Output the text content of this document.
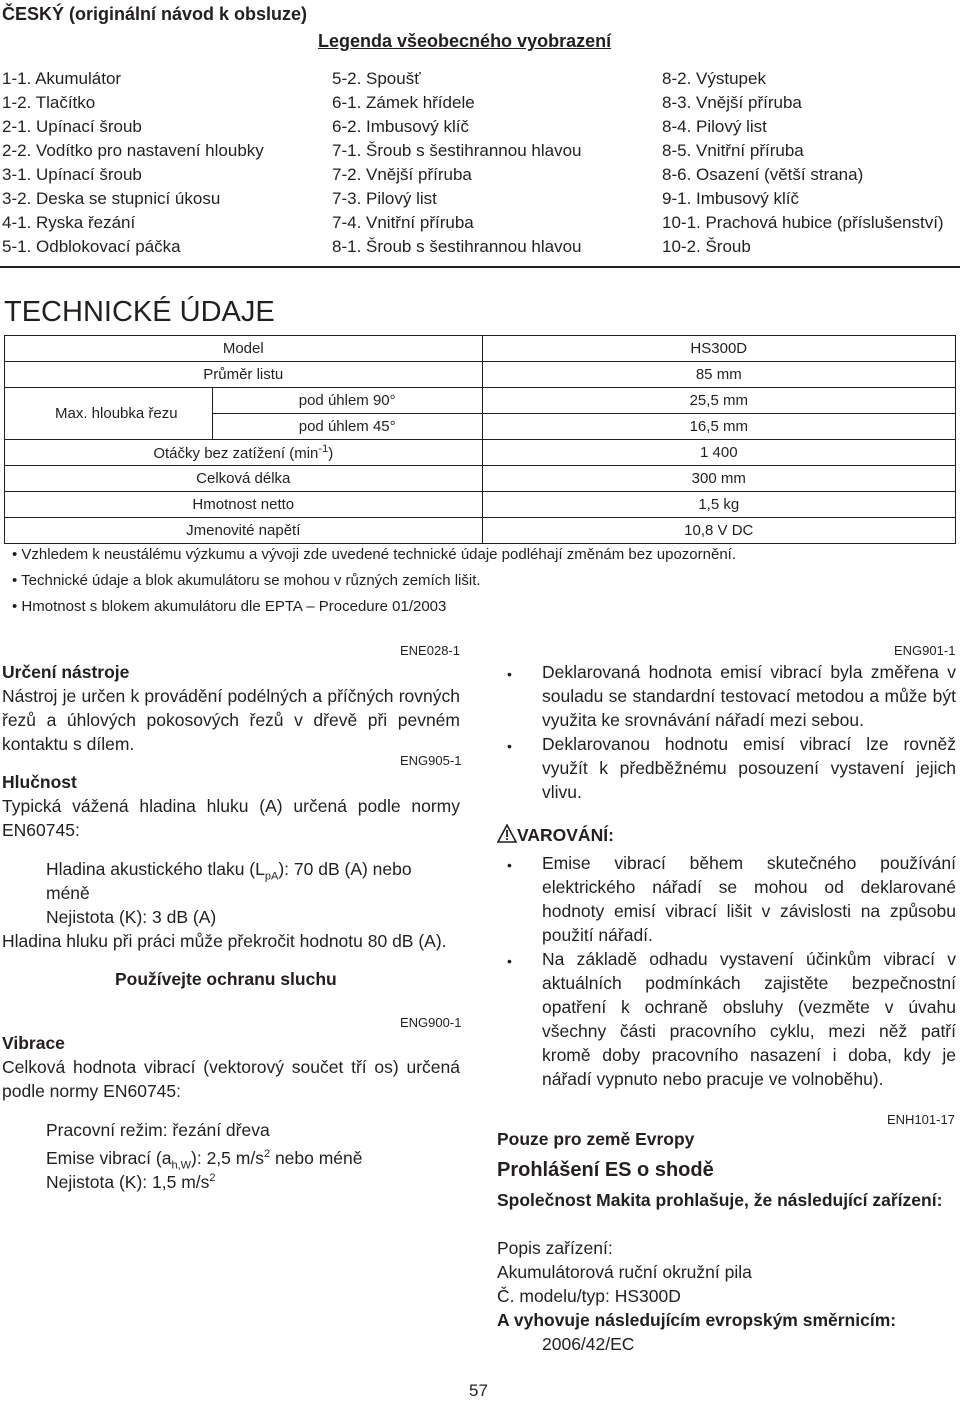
ČESKÝ (originální návod k obsluze)
Legenda všeobecného vyobrazení
1-1. Akumulátor
1-2. Tlačítko
2-1. Upínací šroub
2-2. Vodítko pro nastavení hloubky
3-1. Upínací šroub
3-2. Deska se stupnicí úkosu
4-1. Ryska řezání
5-1. Odblokovací páčka
5-2. Spoušť
6-1. Zámek hřídele
6-2. Imbusový klíč
7-1. Šroub s šestihrannou hlavou
7-2. Vnější příruba
7-3. Pilový list
7-4. Vnitřní příruba
8-1. Šroub s šestihrannou hlavou
8-2. Výstupek
8-3. Vnější příruba
8-4. Pilový list
8-5. Vnitřní příruba
8-6. Osazení (větší strana)
9-1. Imbusový klíč
10-1. Prachová hubice (příslušenství)
10-2. Šroub
TECHNICKÉ ÚDAJE
Model		HS300D
Průměr listu		85 mm
Max. hloubka řezu	pod úhlem 90°	25,5 mm
	pod úhlem 45°	16,5 mm
Otáčky bez zatížení $(\min^{-1})$		1 400
Celková délka		300 mm
Hmotnost netto		1,5 kg
Jmenovité napětí		10,8 V DC
• Vzhledem k neustálému výzkumu a vývoji zde uvedené technické údaje podléhají změnám bez upozornění.
• Technické údaje a blok akumulátoru se mohou v různých zemích lišit.
• Hmotnost s blokem akumulátoru dle EPTA – Procedure 01/2003
ENE028-1
Určení nástroje
Nástroj je určen k provádění podélných a příčných rovných řezů a úhlových pokosových řezů v dřevě při pevném kontaktu s dílem.
ENG905-1
Hlučnost
Typická vážená hladina hluku (A) určená podle normy EN60745:
Hladina akustického tlaku $(L_{pA})$: 70 dB (A) nebo
méně
Nejistota (K): 3 dB (A)
Hladina hluku při práci může překročit hodnotu 80 dB (A).
Používejte ochranu sluchu
ENG900-1
Vibrace
Celková hodnota vibrací (vektorový součet tří os) určená podle normy EN60745:
Pracovní režim: řezání dřeva
Emise vibrací $(a_{h,W})$: 2,5 $m/s^2$ nebo méně
Nejistota (K): 1,5 $m/s^2$
ENG901-1
• Deklarovaná hodnota emisí vibrací byla změřena v souladu se standardní testovací metodou a může být využita ke srovnávání nářadí mezi sebou.
• Deklarovanou hodnotu emisí vibrací lze rovněž využít k předběžnému posouzení vystavení jejich vlivu.
VAROVÁNÍ:
• Emise vibrací během skutečného používání elektrického nářadí se mohou od deklarované hodnoty emisí vibrací lišit v závislosti na způsobu použití nářadí.
• Na základě odhadu vystavení účinkům vibrací v aktuálních podmínkách zajistěte bezpečnostní opatření k ochraně obsluhy (vezměte v úvahu všechny části pracovního cyklu, mezi něž patří kromě doby pracovního nasazení i doba, kdy je nářadí vypnuto nebo pracuje ve volnoběhu).
ENH101-17
Pouze pro země Evropy
Prohlášení ES o shodě
Společnost Makita prohlašuje, že následující zařízení:
Popis zařízení:
Akumulátorová ruční okružní pila
Č. modelu/typ: HS300D
A vyhovuje následujícím evropským směrnicím:
2006/42/EC
57
